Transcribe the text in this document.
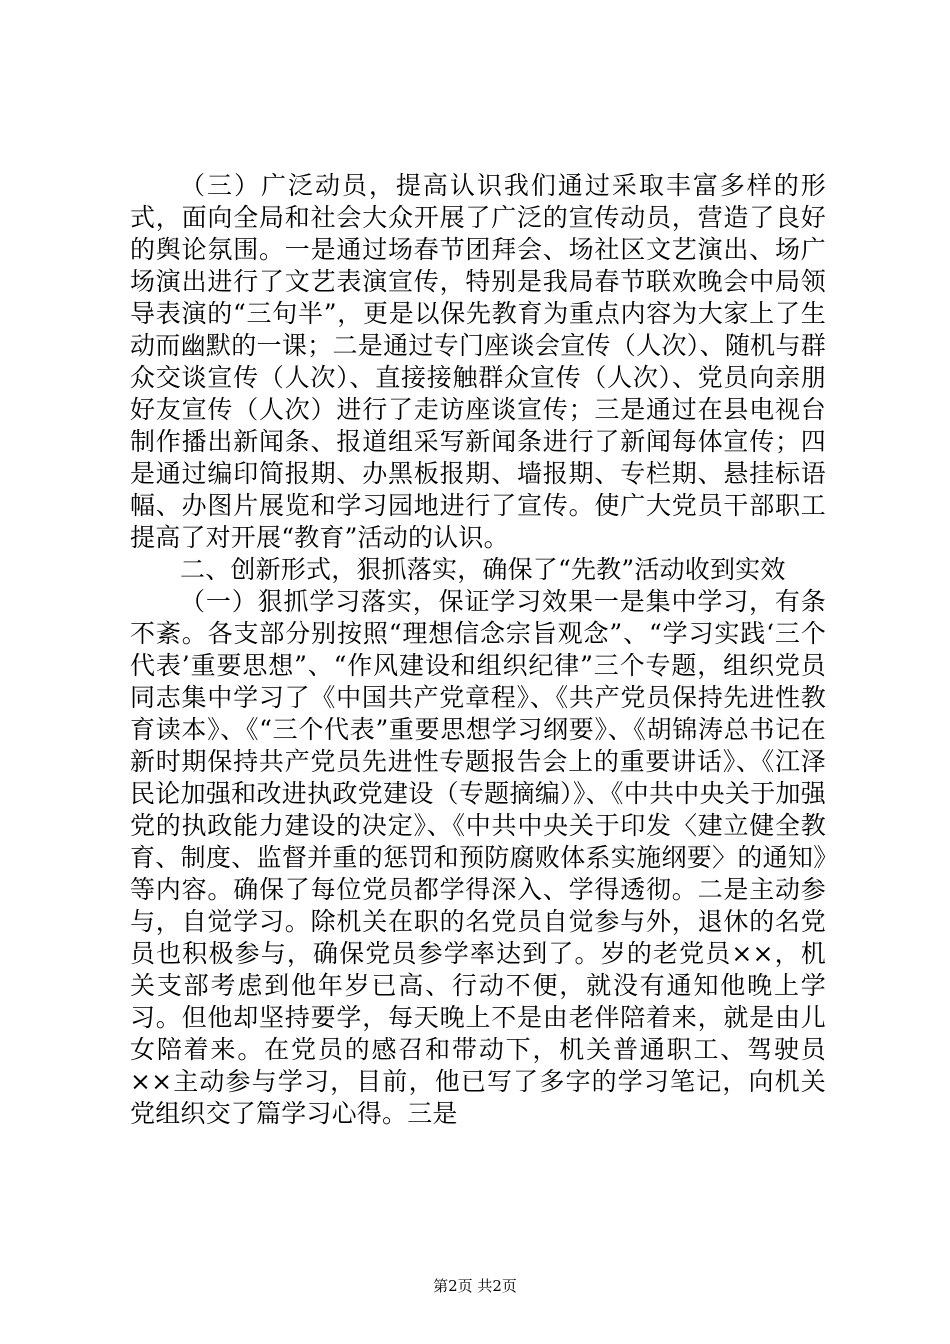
（三）广泛动员，提高认识我们通过采取丰富多样的形式，面向全局和社会大众开展了广泛的宣传动员，营造了良好的舆论氛围。一是通过场春节团拜会、场社区文艺演出、场广场演出进行了文艺表演宣传，特别是我局春节联欢晚会中局领导表演的“三句半”，更是以保先教育为重点内容为大家上了生动而幽默的一课；二是通过专门座谈会宣传（人次）、随机与群众交谈宣传（人次）、直接接触群众宣传（人次）、党员向亲朋好友宣传（人次）进行了走访座谈宣传；三是通过在县电视台制作播出新闻条、报道组采写新闻条进行了新闻每体宣传；四是通过编印简报期、办黑板报期、墙报期、专栏期、悬挂标语幅、办图片展览和学习园地进行了宣传。使广大党员干部职工提高了对开展“教育”活动的认识。

二、创新形式，狠抓落实，确保了“先教”活动收到实效

（一）狠抓学习落实，保证学习效果一是集中学习，有条不紊。各支部分别按照“理想信念宗旨观念”、“学习实践‘三个代表’重要思想”、“作风建设和组织纪律”三个专题，组织党员同志集中学习了《中国共产党章程》、《共产党员保持先进性教育读本》、《“三个代表”重要思想学习纲要》、《胡锦涛总书记在新时期保持共产党员先进性专题报告会上的重要讲话》、《江泽民论加强和改进执政党建设（专题摘编）》、《中共中央关于加强党的执政能力建设的决定》、《中共中央关于印发〈建立健全教育、制度、监督并重的惩罚和预防腐败体系实施纲要〉的通知》等内容。确保了每位党员都学得深入、学得透彻。二是主动参与，自觉学习。除机关在职的名党员自觉参与外，退休的名党员也积极参与，确保党员参学率达到了。岁的老党员××，机关支部考虑到他年岁已高、行动不便，就没有通知他晚上学习。但他却坚持要学，每天晚上不是由老伴陪着来，就是由儿女陪着来。在党员的感召和带动下，机关普通职工、驾驶员××主动参与学习，目前，他已写了多字的学习笔记，向机关党组织交了篇学习心得。三是

第2页 共2页
